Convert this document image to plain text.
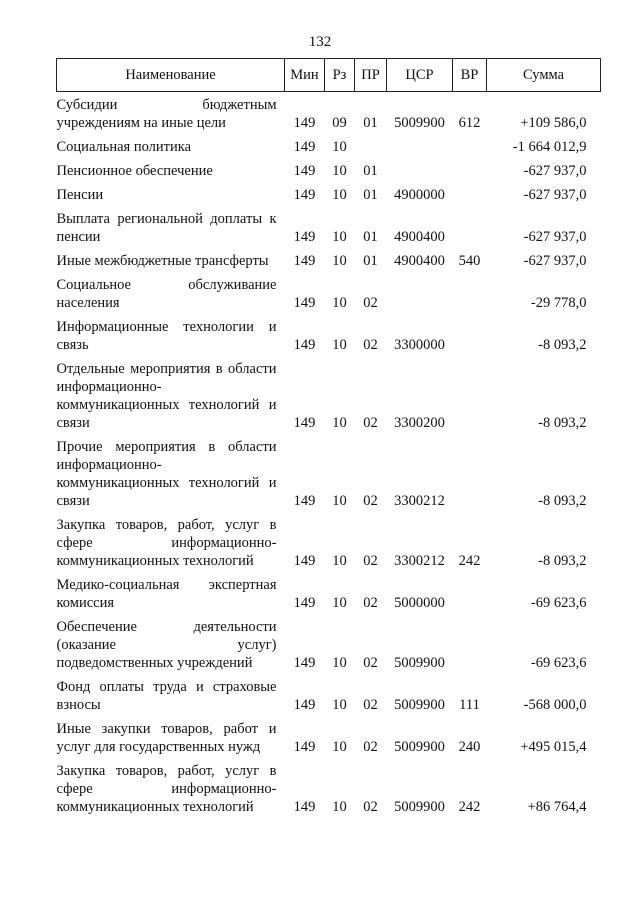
132
Наименование	Мин	Рз	ПР	ЦСР	ВР	Сумма
Субсидии бюджетным учреждениям на иные цели	149	09	01	5009900	612	+109 586,0
Социальная политика	149	10				-1 664 012,9
Пенсионное обеспечение	149	10	01			-627 937,0
Пенсии	149	10	01	4900000		-627 937,0
Выплата региональной доплаты к пенсии	149	10	01	4900400		-627 937,0
Иные межбюджетные трансферты	149	10	01	4900400	540	-627 937,0
Социальное обслуживание населения	149	10	02			-29 778,0
Информационные технологии и связь	149	10	02	3300000		-8 093,2
Отдельные мероприятия в области информационно-коммуникационных технологий и связи	149	10	02	3300200		-8 093,2
Прочие мероприятия в области информационно-коммуникационных технологий и связи	149	10	02	3300212		-8 093,2
Закупка товаров, работ, услуг в сфере информационно-коммуникационных технологий	149	10	02	3300212	242	-8 093,2
Медико-социальная экспертная комиссия	149	10	02	5000000		-69 623,6
Обеспечение деятельности (оказание услуг) подведомственных учреждений	149	10	02	5009900		-69 623,6
Фонд оплаты труда и страховые взносы	149	10	02	5009900	111	-568 000,0
Иные закупки товаров, работ и услуг для государственных нужд	149	10	02	5009900	240	+495 015,4
Закупка товаров, работ, услуг в сфере информационно-коммуникационных технологий	149	10	02	5009900	242	+86 764,4
